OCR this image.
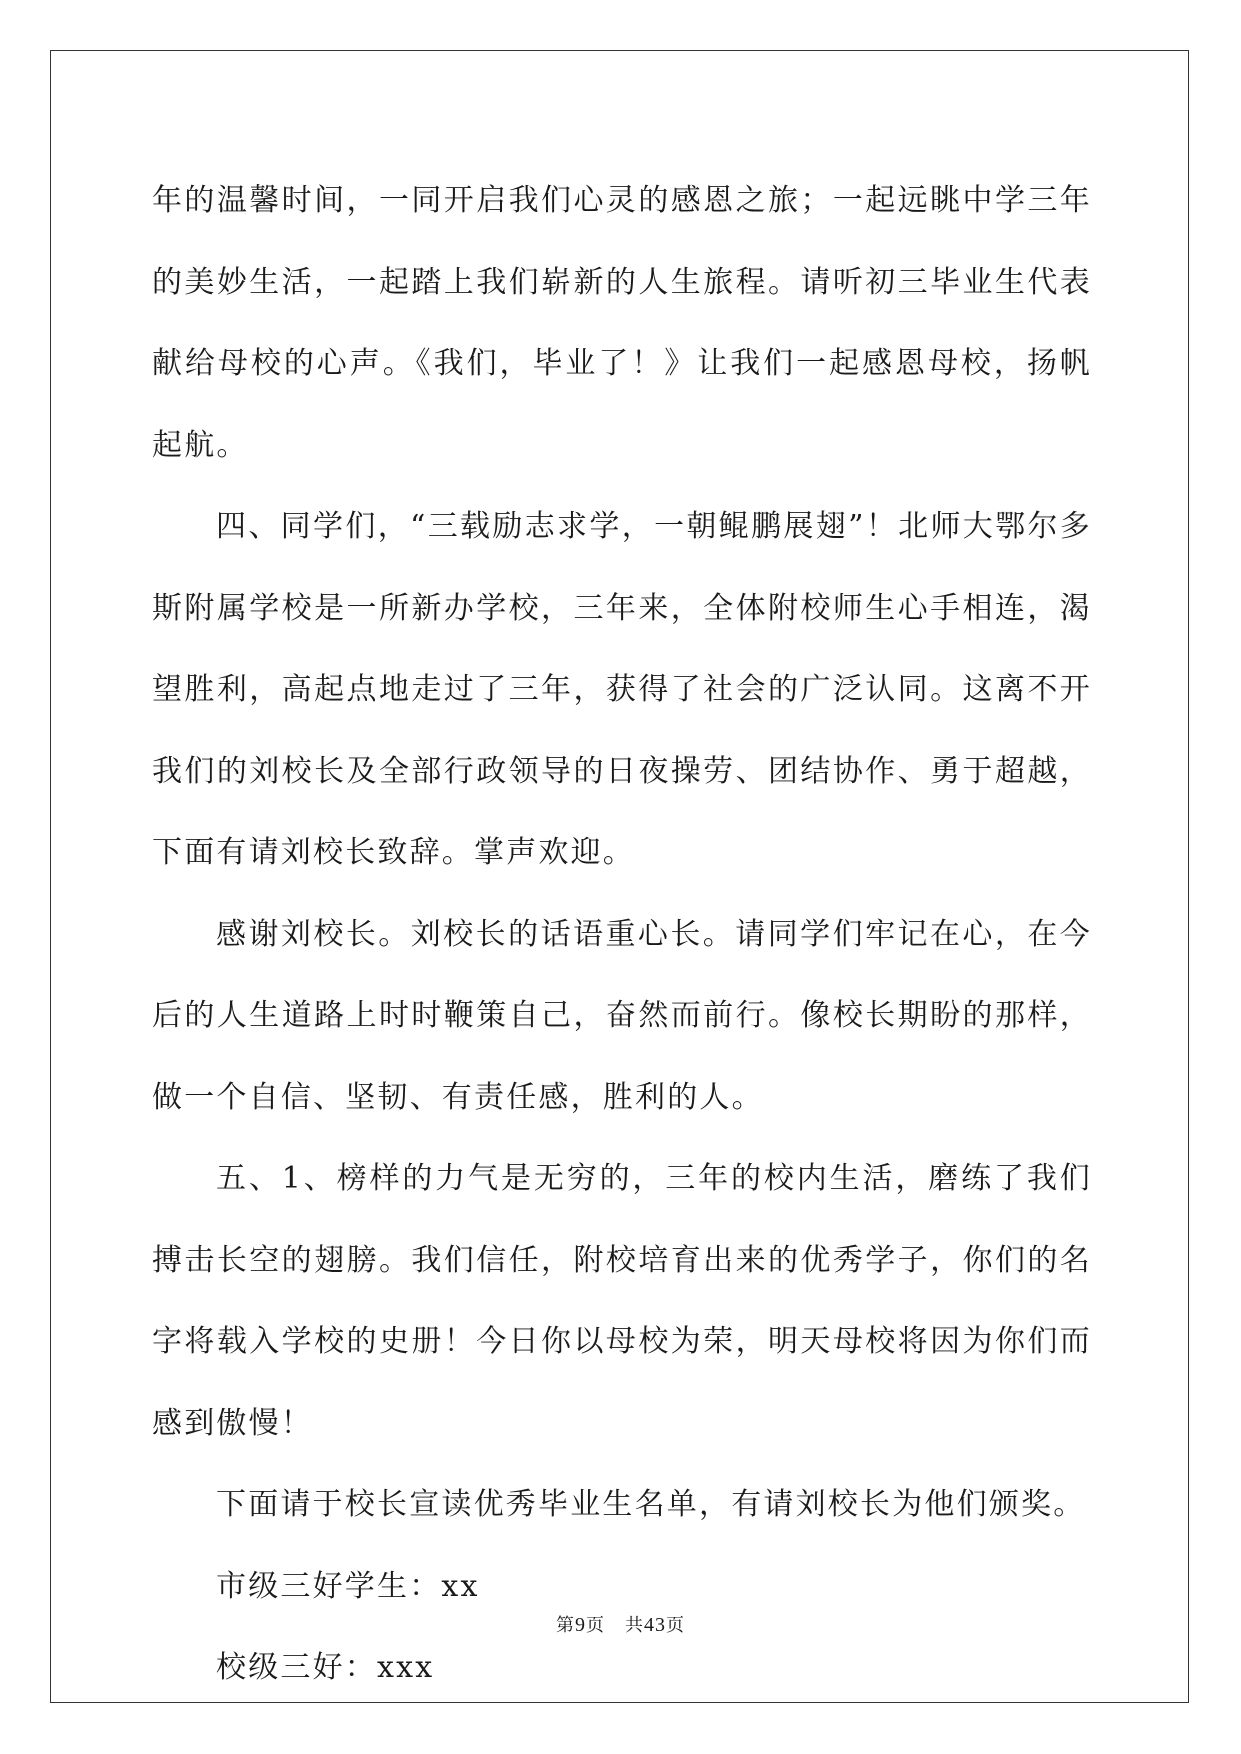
年的温馨时间，一同开启我们心灵的感恩之旅；一起远眺中学三年的美妙生活，一起踏上我们崭新的人生旅程。请听初三毕业生代表献给母校的心声。《我们，毕业了！》让我们一起感恩母校，扬帆起航。

四、同学们，“三载励志求学，一朝鲲鹏展翅”！北师大鄂尔多斯附属学校是一所新办学校，三年来，全体附校师生心手相连，渴望胜利，高起点地走过了三年，获得了社会的广泛认同。这离不开我们的刘校长及全部行政领导的日夜操劳、团结协作、勇于超越，下面有请刘校长致辞。掌声欢迎。

感谢刘校长。刘校长的话语重心长。请同学们牢记在心，在今后的人生道路上时时鞭策自己，奋然而前行。像校长期盼的那样，做一个自信、坚韧、有责任感，胜利的人。

五、1、榜样的力气是无穷的，三年的校内生活，磨练了我们搏击长空的翅膀。我们信任，附校培育出来的优秀学子，你们的名字将载入学校的史册！今日你以母校为荣，明天母校将因为你们而感到傲慢！

下面请于校长宣读优秀毕业生名单，有请刘校长为他们颁奖。

市级三好学生：xx

校级三好：xxx

第9页 共43页
